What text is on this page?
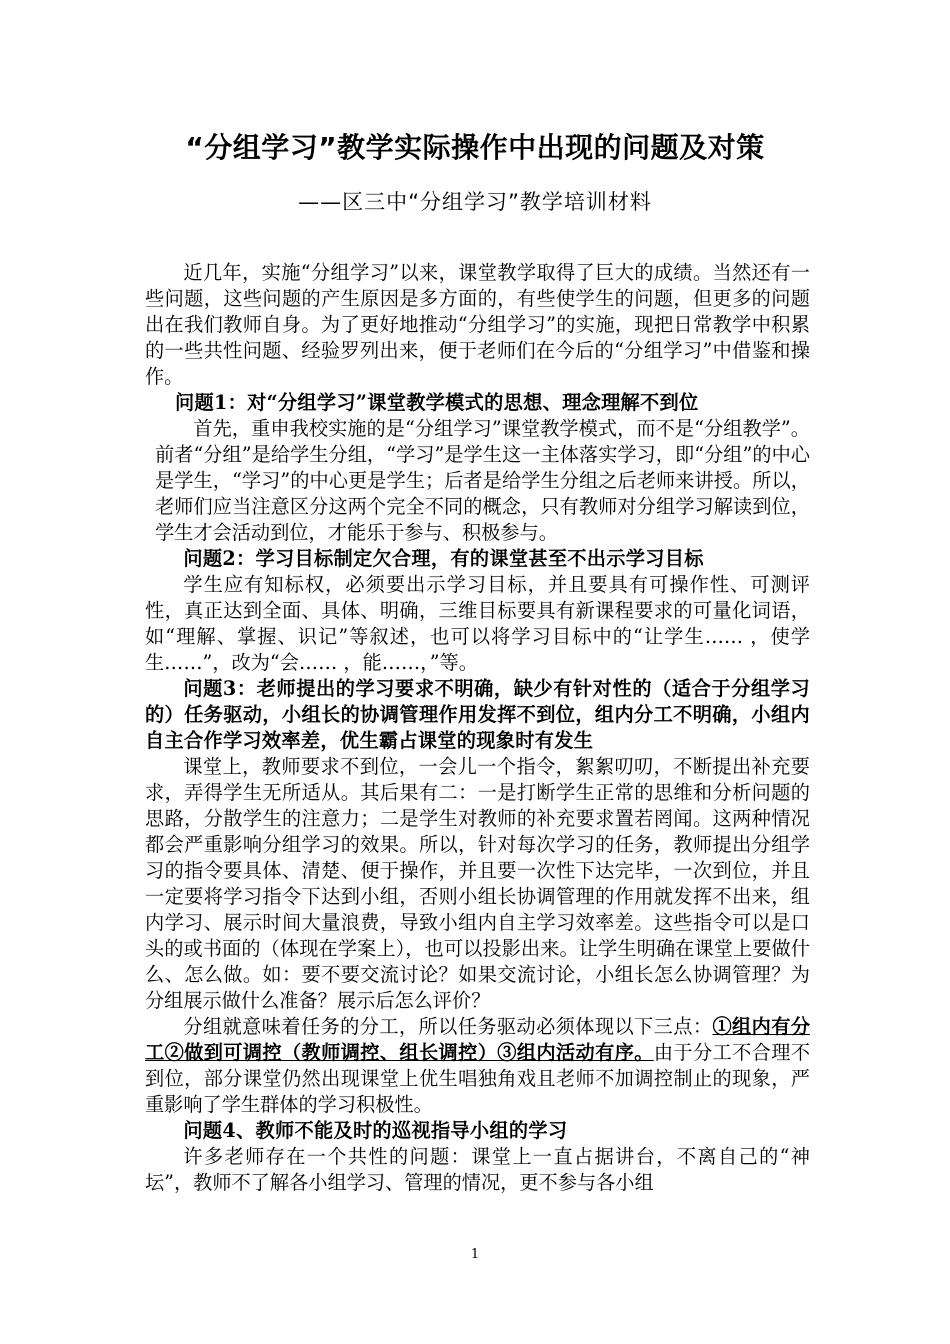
“分组学习”教学实际操作中出现的问题及对策
——区三中“分组学习”教学培训材料

近几年，实施“分组学习”以来，课堂教学取得了巨大的成绩。当然还有一些问题，这些问题的产生原因是多方面的，有些使学生的问题，但更多的问题出在我们教师自身。为了更好地推动“分组学习”的实施，现把日常教学中积累的一些共性问题、经验罗列出来，便于老师们在今后的“分组学习”中借鉴和操作。

问题1：对“分组学习”课堂教学模式的思想、理念理解不到位

首先，重申我校实施的是“分组学习”课堂教学模式，而不是“分组教学”。前者“分组”是给学生分组，“学习”是学生这一主体落实学习，即“分组”的中心是学生，“学习”的中心更是学生；后者是给学生分组之后老师来讲授。所以，老师们应当注意区分这两个完全不同的概念，只有教师对分组学习解读到位，学生才会活动到位，才能乐于参与、积极参与。

问题2：学习目标制定欠合理，有的课堂甚至不出示学习目标

学生应有知标权，必须要出示学习目标，并且要具有可操作性、可测评性，真正达到全面、具体、明确，三维目标要具有新课程要求的可量化词语，如“理解、掌握、识记”等叙述，也可以将学习目标中的“让学生…… ，使学生……”，改为“会…… ，能……，”等。

问题3：老师提出的学习要求不明确，缺少有针对性的（适合于分组学习的）任务驱动，小组长的协调管理作用发挥不到位，组内分工不明确，小组内自主合作学习效率差，优生霸占课堂的现象时有发生

课堂上，教师要求不到位，一会儿一个指令，絮絮叨叨，不断提出补充要求，弄得学生无所适从。其后果有二：一是打断学生正常的思维和分析问题的思路，分散学生的注意力；二是学生对教师的补充要求置若罔闻。这两种情况都会严重影响分组学习的效果。所以，针对每次学习的任务，教师提出分组学习的指令要具体、清楚、便于操作，并且要一次性下达完毕，一次到位，并且一定要将学习指令下达到小组，否则小组长协调管理的作用就发挥不出来，组内学习、展示时间大量浪费，导致小组内自主学习效率差。这些指令可以是口头的或书面的（体现在学案上），也可以投影出来。让学生明确在课堂上要做什么、怎么做。如：要不要交流讨论？如果交流讨论，小组长怎么协调管理？为分组展示做什么准备？展示后怎么评价？

分组就意味着任务的分工，所以任务驱动必须体现以下三点：①组内有分工②做到可调控（教师调控、组长调控）③组内活动有序。由于分工不合理不到位，部分课堂仍然出现课堂上优生唱独角戏且老师不加调控制止的现象，严重影响了学生群体的学习积极性。

问题4、教师不能及时的巡视指导小组的学习

许多老师存在一个共性的问题：课堂上一直占据讲台，不离自己的“神坛”，教师不了解各小组学习、管理的情况，更不参与各小组

1
